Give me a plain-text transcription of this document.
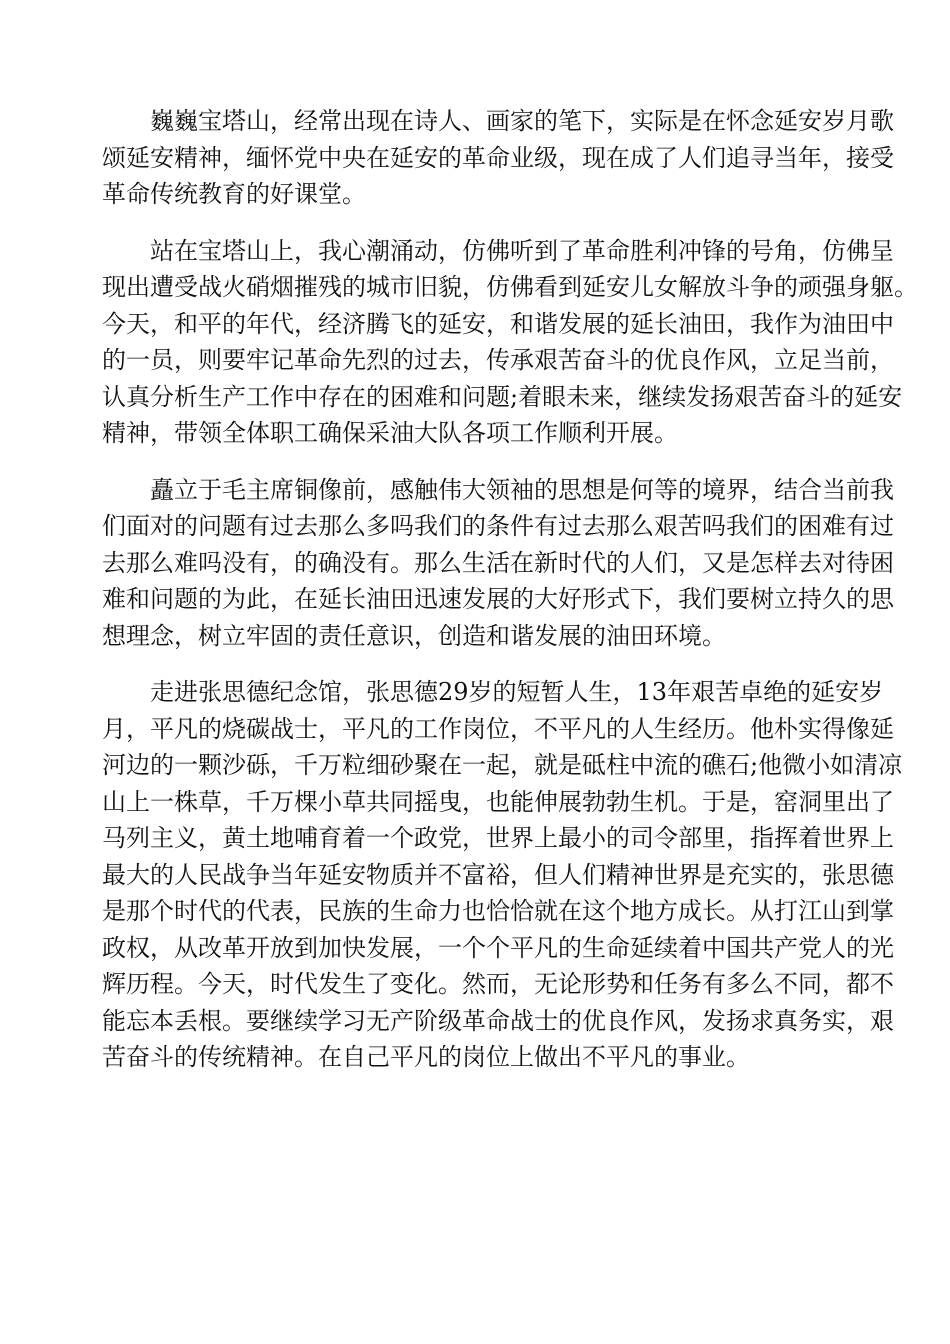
巍巍宝塔山，经常出现在诗人、画家的笔下，实际是在怀念延安岁月歌
颂延安精神，缅怀党中央在延安的革命业级，现在成了人们追寻当年，接受
革命传统教育的好课堂。

站在宝塔山上，我心潮涌动，仿佛听到了革命胜利冲锋的号角，仿佛呈
现出遭受战火硝烟摧残的城市旧貌，仿佛看到延安儿女解放斗争的顽强身躯。
今天，和平的年代，经济腾飞的延安，和谐发展的延长油田，我作为油田中
的一员，则要牢记革命先烈的过去，传承艰苦奋斗的优良作风，立足当前，
认真分析生产工作中存在的困难和问题;着眼未来，继续发扬艰苦奋斗的延安
精神，带领全体职工确保采油大队各项工作顺利开展。

矗立于毛主席铜像前，感触伟大领袖的思想是何等的境界，结合当前我
们面对的问题有过去那么多吗我们的条件有过去那么艰苦吗我们的困难有过
去那么难吗没有，的确没有。那么生活在新时代的人们，又是怎样去对待困
难和问题的为此，在延长油田迅速发展的大好形式下，我们要树立持久的思
想理念，树立牢固的责任意识，创造和谐发展的油田环境。

走进张思德纪念馆，张思德29岁的短暂人生，13年艰苦卓绝的延安岁
月，平凡的烧碳战士，平凡的工作岗位，不平凡的人生经历。他朴实得像延
河边的一颗沙砾，千万粒细砂聚在一起，就是砥柱中流的礁石;他微小如清凉
山上一株草，千万棵小草共同摇曳，也能伸展勃勃生机。于是，窑洞里出了
马列主义，黄土地哺育着一个政党，世界上最小的司令部里，指挥着世界上
最大的人民战争当年延安物质并不富裕，但人们精神世界是充实的，张思德
是那个时代的代表，民族的生命力也恰恰就在这个地方成长。从打江山到掌
政权，从改革开放到加快发展，一个个平凡的生命延续着中国共产党人的光
辉历程。今天，时代发生了变化。然而，无论形势和任务有多么不同，都不
能忘本丢根。要继续学习无产阶级革命战士的优良作风，发扬求真务实，艰
苦奋斗的传统精神。在自己平凡的岗位上做出不平凡的事业。
